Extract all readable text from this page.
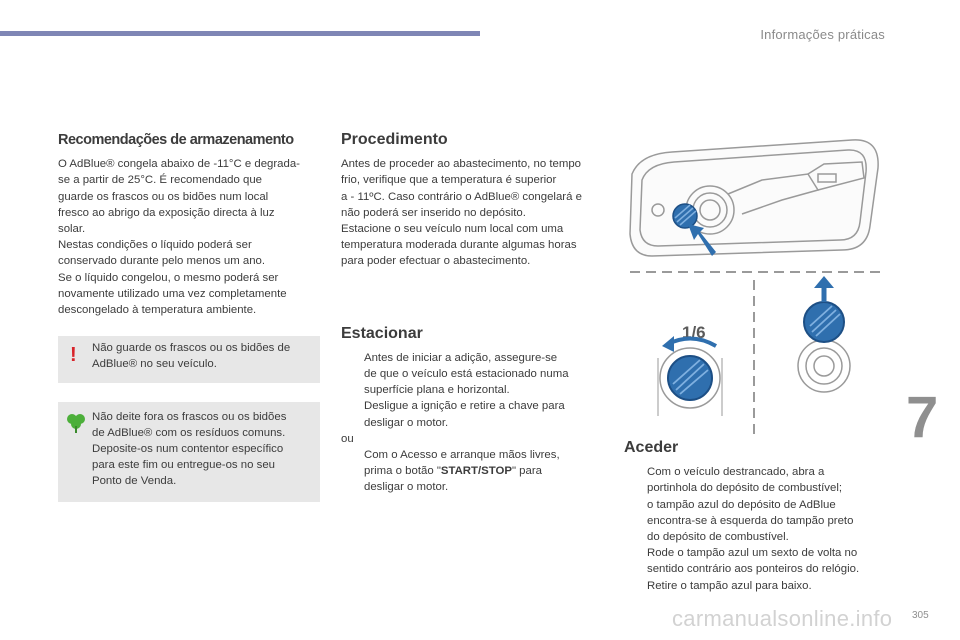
Informações práticas
Recomendações de armazenamento

O AdBlue® congela abaixo de -11°C e degrada-
se a partir de 25°C. É recomendado que
guarde os frascos ou os bidões num local
fresco ao abrigo da exposição directa à luz
solar.
Nestas condições o líquido poderá ser
conservado durante pelo menos um ano.
Se o líquido congelou, o mesmo poderá ser
novamente utilizado uma vez completamente
descongelado à temperatura ambiente.

! Não guarde os frascos ou os bidões de
AdBlue® no seu veículo.

Não deite fora os frascos ou os bidões
de AdBlue® com os resíduos comuns.
Deposite-os num contentor específico
para este fim ou entregue-os no seu
Ponto de Venda.

Procedimento

Antes de proceder ao abastecimento, no tempo
frio, verifique que a temperatura é superior
a - 11ºC. Caso contrário o AdBlue® congelará e
não poderá ser inserido no depósito.
Estacione o seu veículo num local com uma
temperatura moderada durante algumas horas
para poder efectuar o abastecimento.

Estacionar
Antes de iniciar a adição, assegure-se
de que o veículo está estacionado numa
superfície plana e horizontal.
Desligue a ignição e retire a chave para
desligar o motor.

ou

Com o Acesso e arranque mãos livres,
prima o botão "START/STOP" para
desligar o motor.
1/6
Aceder
Com o veículo destrancado, abra a
portinhola do depósito de combustível;
o tampão azul do depósito de AdBlue
encontra-se à esquerda do tampão preto
do depósito de combustível.
Rode o tampão azul um sexto de volta no
sentido contrário aos ponteiros do relógio.
Retire o tampão azul para baixo.
7
carmanualsonline.info 305
